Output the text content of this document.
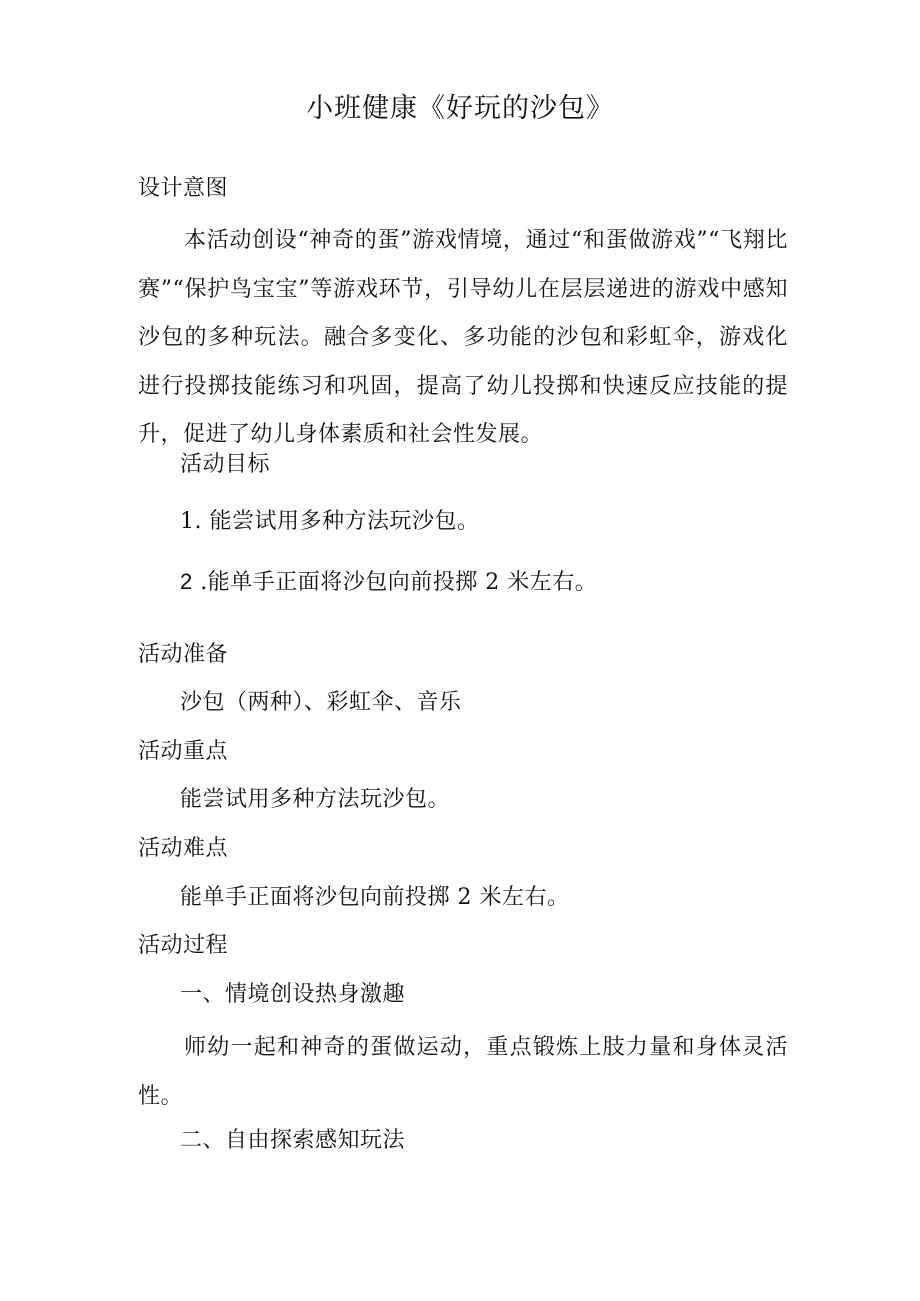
小班健康《好玩的沙包》
设计意图
本活动创设“神奇的蛋”游戏情境，通过“和蛋做游戏”“飞翔比赛”“保护鸟宝宝”等游戏环节，引导幼儿在层层递进的游戏中感知沙包的多种玩法。融合多变化、多功能的沙包和彩虹伞，游戏化进行投掷技能练习和巩固，提高了幼儿投掷和快速反应技能的提升，促进了幼儿身体素质和社会性发展。
活动目标
1. 能尝试用多种方法玩沙包。
2 .能单手正面将沙包向前投掷 2 米左右。
活动准备
沙包（两种）、彩虹伞、音乐
活动重点
能尝试用多种方法玩沙包。
活动难点
能单手正面将沙包向前投掷 2 米左右。
活动过程
一、情境创设热身激趣
师幼一起和神奇的蛋做运动，重点锻炼上肢力量和身体灵活性。
二、自由探索感知玩法
